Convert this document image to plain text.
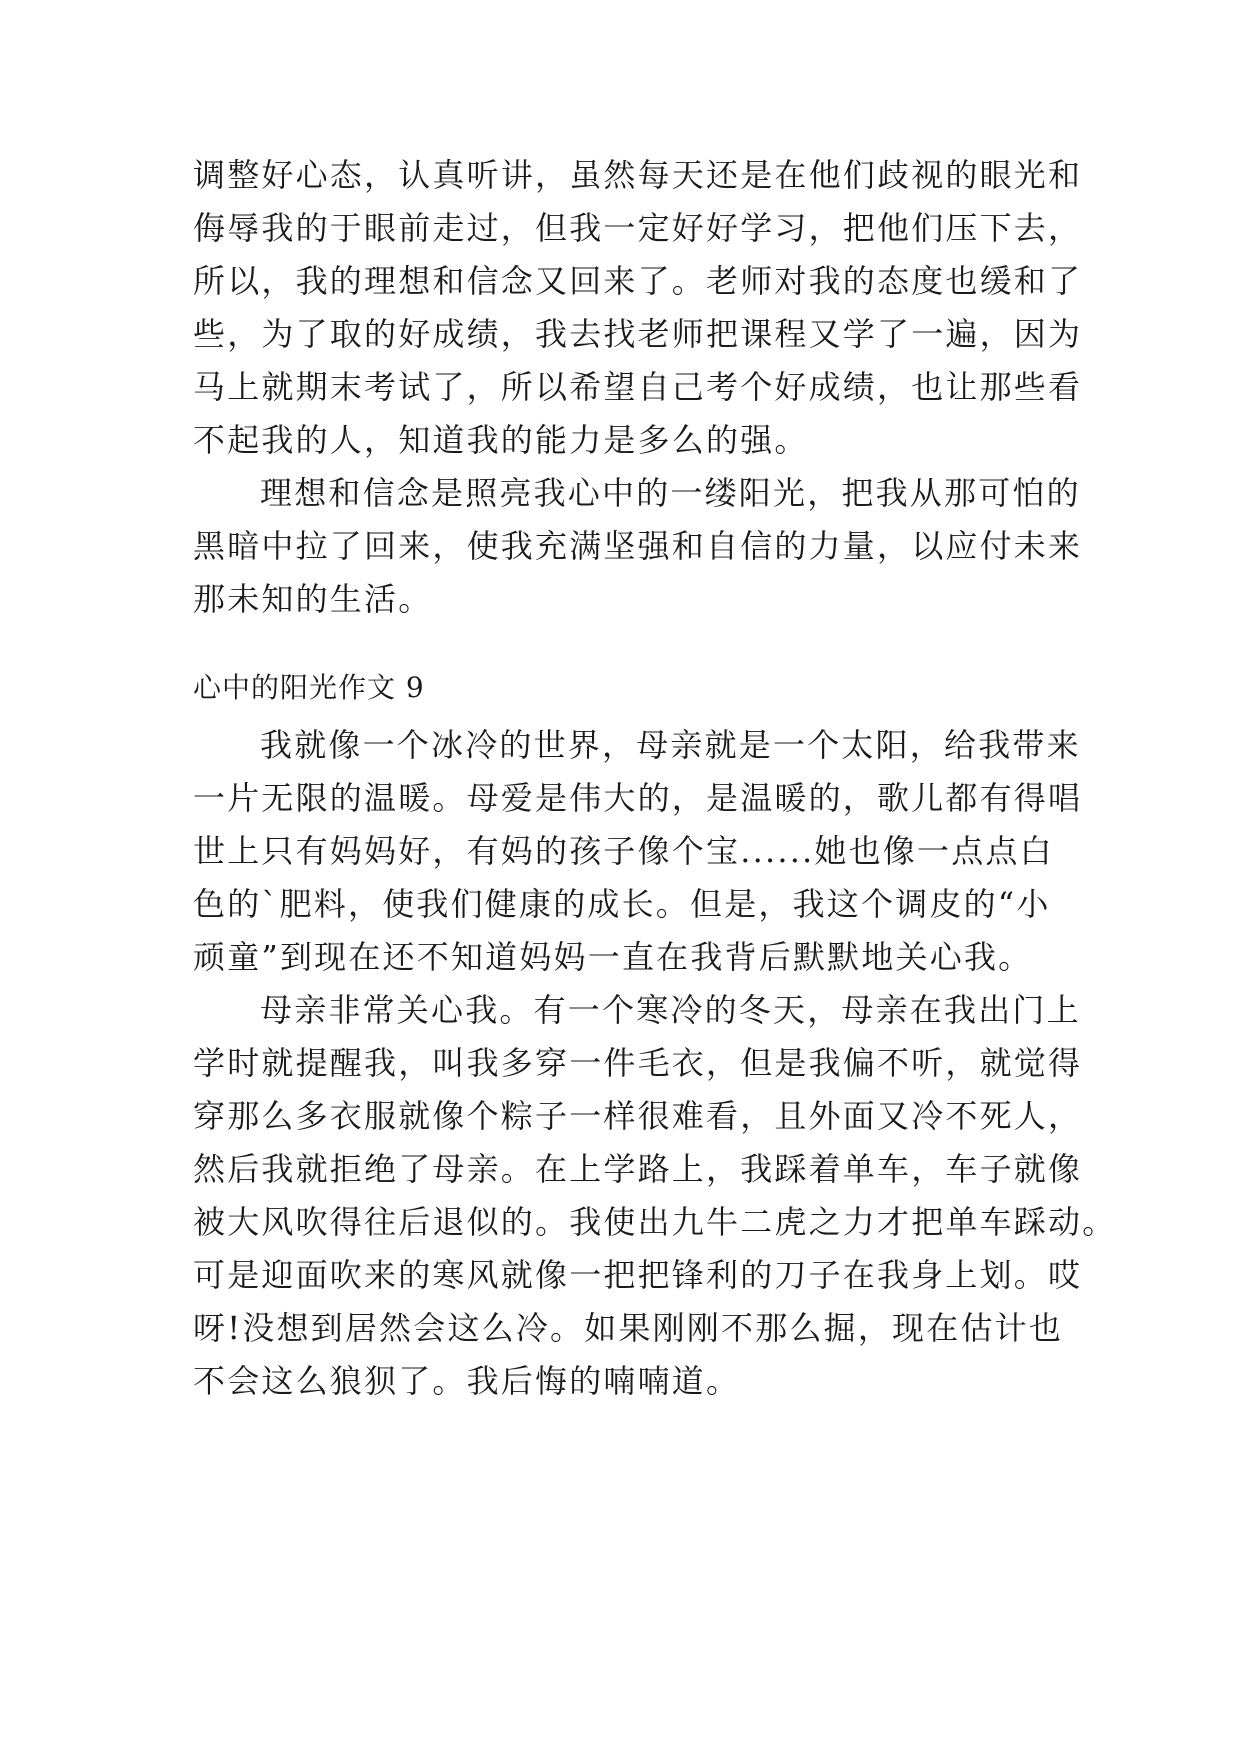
调整好心态，认真听讲，虽然每天还是在他们歧视的眼光和
侮辱我的于眼前走过，但我一定好好学习，把他们压下去，
所以，我的理想和信念又回来了。老师对我的态度也缓和了
些，为了取的好成绩，我去找老师把课程又学了一遍，因为
马上就期末考试了，所以希望自己考个好成绩，也让那些看
不起我的人，知道我的能力是多么的强。
理想和信念是照亮我心中的一缕阳光，把我从那可怕的
黑暗中拉了回来，使我充满坚强和自信的力量，以应付未来
那未知的生活。
心中的阳光作文 9
我就像一个冰冷的世界，母亲就是一个太阳，给我带来
一片无限的温暖。母爱是伟大的，是温暖的，歌儿都有得唱
世上只有妈妈好，有妈的孩子像个宝......她也像一点点白
色的`肥料，使我们健康的成长。但是，我这个调皮的“小
顽童”到现在还不知道妈妈一直在我背后默默地关心我。
母亲非常关心我。有一个寒冷的冬天，母亲在我出门上
学时就提醒我，叫我多穿一件毛衣，但是我偏不听，就觉得
穿那么多衣服就像个粽子一样很难看，且外面又冷不死人，
然后我就拒绝了母亲。在上学路上，我踩着单车，车子就像
被大风吹得往后退似的。我使出九牛二虎之力才把单车踩动。
可是迎面吹来的寒风就像一把把锋利的刀子在我身上划。哎
呀!没想到居然会这么冷。如果刚刚不那么掘，现在估计也
不会这么狼狈了。我后悔的喃喃道。
